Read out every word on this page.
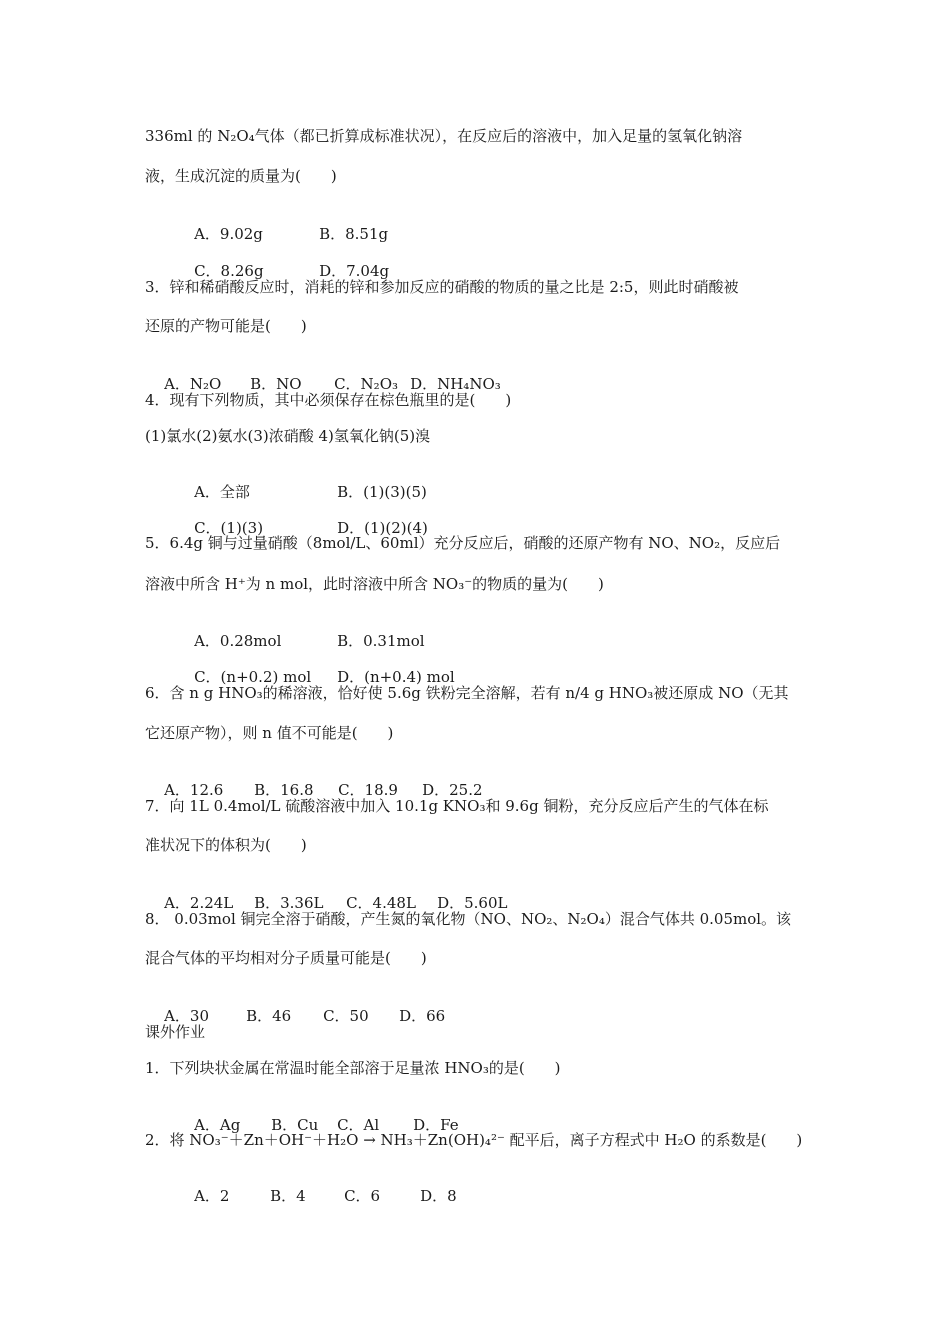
336ml 的 N₂O₄气体（都已折算成标准状况），在反应后的溶液中，加入足量的氢氧化钠溶
液，生成沉淀的质量为(　　)

A．9.02g	B．8.51g

C．8.26g	D．7.04g

3．锌和稀硝酸反应时，消耗的锌和参加反应的硝酸的物质的量之比是 2:5，则此时硝酸被
还原的产物可能是(　　)

A．N₂O B．NO C．N₂O₃ D．NH₄NO₃

4．现有下列物质，其中必须保存在棕色瓶里的是(　　)
(1)氯水(2)氨水(3)浓硝酸 4)氢氧化钠(5)溴

A．全部	B．(1)(3)(5)

C．(1)(3)	D．(1)(2)(4)

5．6.4g 铜与过量硝酸（8mol/L、60ml）充分反应后，硝酸的还原产物有 NO、NO₂，反应后
溶液中所含 H⁺为 n mol，此时溶液中所含 NO₃⁻的物质的量为(　　)

A．0.28mol	B．0.31mol

C．(n+0.2) mol D．(n+0.4) mol

6．含 n g HNO₃的稀溶液，恰好使 5.6g 铁粉完全溶解，若有 n/4 g HNO₃被还原成 NO（无其
它还原产物），则 n 值不可能是(　　)

A．12.6 B．16.8 C．18.9 D．25.2

7．向 1L 0.4mol/L 硫酸溶液中加入 10.1g KNO₃和 9.6g 铜粉，充分反应后产生的气体在标
准状况下的体积为(　　)

A．2.24L B．3.36L C．4.48L D．5.60L

8． 0.03mol 铜完全溶于硝酸，产生氮的氧化物（NO、NO₂、N₂O₄）混合气体共 0.05mol。该
混合气体的平均相对分子质量可能是(　　)

A．30 B．46 C．50 D．66

课外作业
1．下列块状金属在常温时能全部溶于足量浓 HNO₃的是(　　)

A．Ag B．Cu C．Al D．Fe

2．将 NO₃⁻＋Zn＋OH⁻＋H₂O → NH₃＋Zn(OH)₄²⁻ 配平后，离子方程式中 H₂O 的系数是(　　)

A．2	B．4	C．6	D．8
